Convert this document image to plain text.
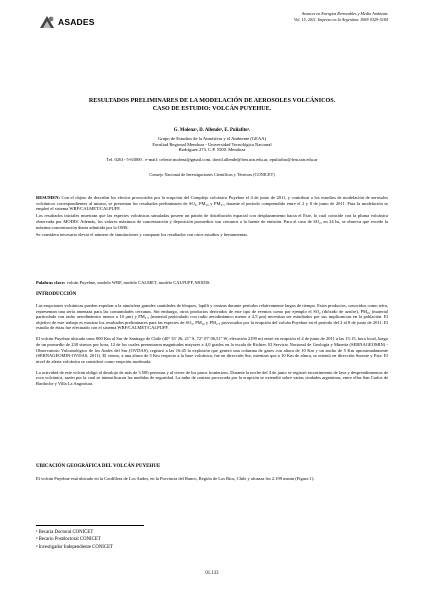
ASADES
Avances en Energías Renovables y Medio Ambiente
Vol. 15, 2011. Impreso en la Argentina. ISSN 0329-5184
RESULTADOS PRELIMINARES DE LA MODELACIÓN DE AEROSOLES VOLCÁNICOS.
CASO DE ESTUDIO: VOLCÁN PUYEHUE.
G. Molena¹, D. Allende², E. Puliafito³.
Grupo de Estudios de la Atmósfera y el Ambiente (GEAA)
Facultad Regional Mendoza - Universidad Tecnológica Nacional
Rodríguez 273. C.P. 5500. Mendoza
Tel. 0261- 5-63000 . e-mail: celeste.molena@gmail.com, david.allende@frm.utn.edu.ar, epuliafito@frm.utn.edu.ar
Consejo Nacional de Investigaciones Científicas y Técnicas (CONICET)

RESUMEN: Con el objeto de describir los efectos provocados por la erupción del Complejo volcánico Puyehue el 4 de junio de 2011, y contribuir a los estudios de modelación de aerosoles volcánicos correspondientes al mismo, se presentan los resultados preliminares de SO₂, PM₁₀ y PM₂.₅ durante el período comprendido entre el 2 y 8 de junio de 2011. Para la modelación se empleó el sistema WRF/CALMET/CALPUFF.

Los resultados iniciales muestran que las especies volcánicas simuladas poseen un patrón de distribución espacial con desplazamiento hacia el Este, lo cual coincide con la pluma volcánica observada por MODIS. Además, los valores máximos de concentración y deposición promedios son cercanos a la fuente de emisión. Para el caso de SO₂, en 24 hs, se observa que excede la máxima concentración diaria admitida por la OMS.

Se considera necesario elevar el número de simulaciones y comparar los resultados con otros estudios y herramientas.

Palabras clave: volcán Puyehue, modelo WRF, modelo CALMET, modelo CALPUFF, MODIS.
INTRODUCCIÓN

Las erupciones volcánicas pueden expulsar a la atmósfera grandes cantidades de bloques, lapilli y cenizas durante períodos relativamente largos de tiempo. Estos productos, conocidos como tefra, representan una seria amenaza para las comunidades cercanas. Sin embargo, otros productos derivados de este tipo de eventos como por ejemplo el SO₂ (dióxido de azufre), PM₁₀ (material particulado con radio aerodinámico menor a 10 μm) y PM₂.₅ (material particulado con radio aerodinámico menor a 2,5 μm) necesitan ser estudiados por sus implicancias en la población. El objetivo de este trabajo es mostrar los resultados preliminares para las especies de SO₂, PM₁₀ y PM₂.₅ provocados por la erupción del volcán Puyehue en el período del 2 al 8 de junio de 2011. El estudio de éstas fue efectuado con el sistema WRF/CALMET/CALPUFF.

El volcán Puyehue ubicado unos 800 Km al Sur de Santiago de Chile (40° 35' 26, 21'' S, 72° 07' 06,51'' W, elevación 2199 m) entró en erupción el 4 de junio de 2011 a las 15:15, hora local, luego de un promedio de 230 sismos por hora, 12 de los cuales presentaron magnitudes mayores a 4,0 grados en la escala de Richter. El Servicio Nacional de Geología y Minería (SERNAGEOMIN) - Observatorio Vulcanológico de los Andes del Sur (OVDAS), registró a las 16:45 la explosión que generó una columna de gases con altura de 10 Km y un ancho de 5 Km aproximadamente (SERNAGEOMIN-OVDAS, 2011). El viento, a una altura de 5 Km respecto a la base volcánica, fue en dirección Sur, mientras que a 10 Km de altura, se orientó en dirección Sureste y Este. El nivel de alerta volcánica se consideró como erupción moderada.

La actividad de este volcán obligó al desalojo de más de 3.500 personas y al cierre de los pasos fronterizos. Durante la noche del 4 de junio se registró escurrimiento de lava y desprendimientos de roca volcánica, razón por la cual se intensificaron las medidas de seguridad. La nube de cenizas provocada por la erupción se extendió sobre varias ciudades argentinas, entre ellas San Carlos de Bariloche y Villa La Angostura.

UBICACIÓN GEOGRÁFICA DEL VOLCÁN PUYEHUE
El volcán Puyehue está ubicado en la Cordillera de Los Andes, en la Provincia del Ranco, Región de Los Ríos, Chile y alcanza los 2.199 msnm (Figura 1).
¹ Becaria Doctoral CONICET
² Becario Postdoctoral CONICET
³ Investigador Independiente CONICET
01.133
